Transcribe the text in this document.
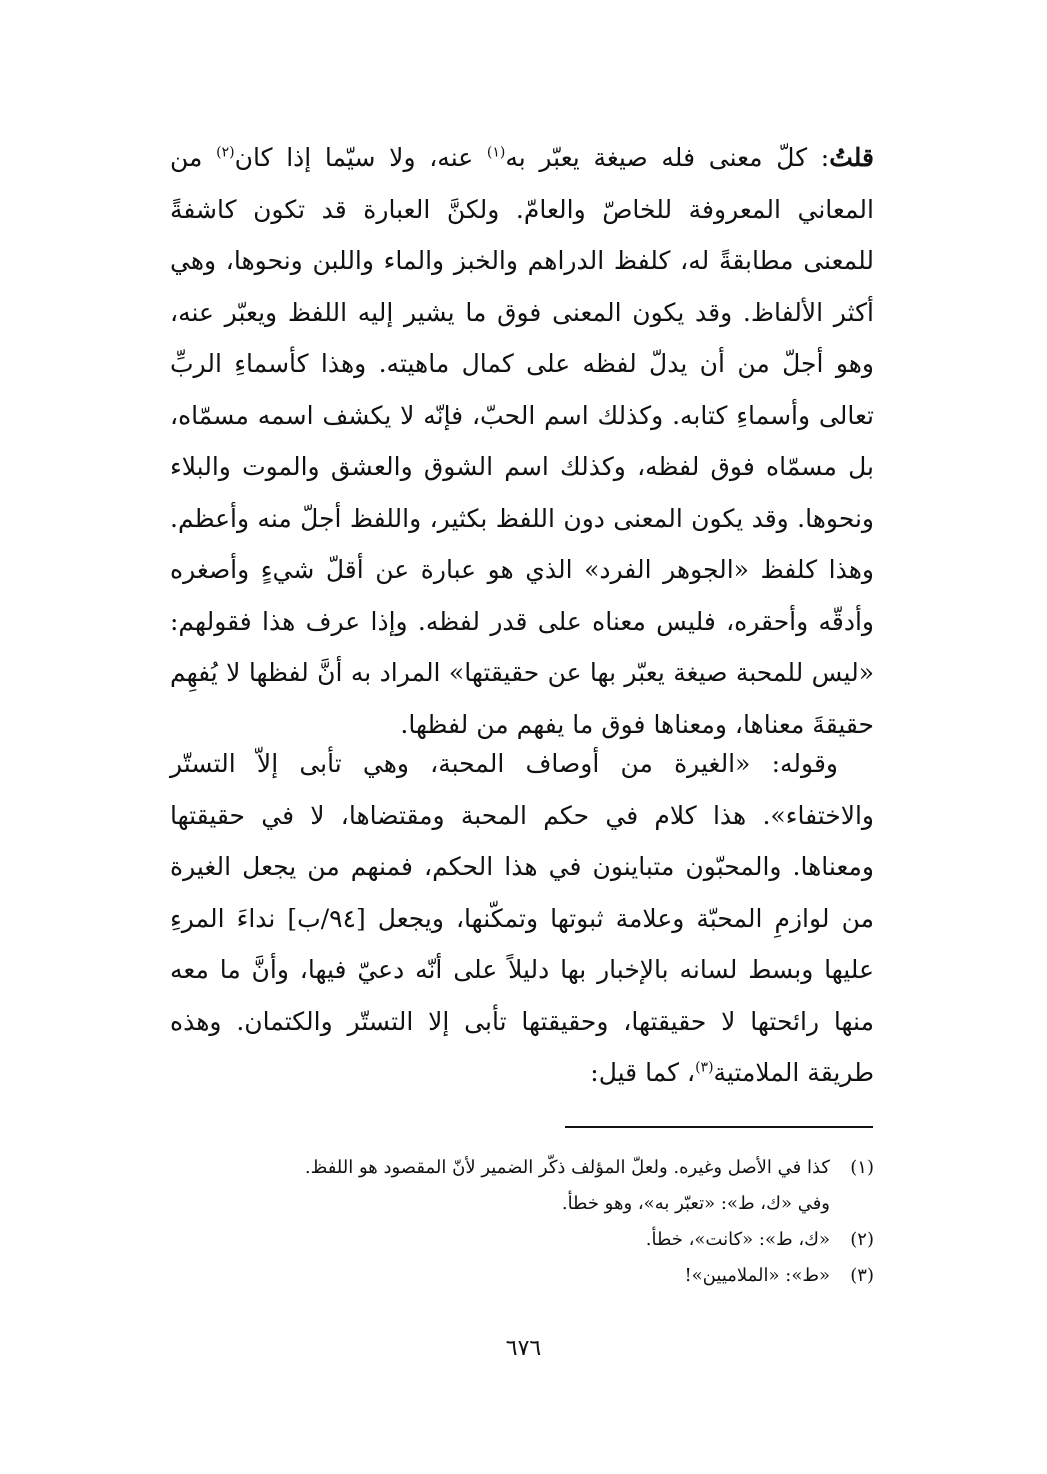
قلتُ: كلّ معنى فله صيغة يعبّر به$^{(١)}$ عنه، ولا سيّما إذا كان$^{(٢)}$ من المعاني المعروفة للخاصّ والعامّ. ولكنَّ العبارة قد تكون كاشفةً للمعنى مطابقةً له، كلفظ الدراهم والخبز والماء واللبن ونحوها، وهي أكثر الألفاظ. وقد يكون المعنى فوق ما يشير إليه اللفظ ويعبّر عنه، وهو أجلّ من أن يدلّ لفظه على كمال ماهيته. وهذا كأسماءِ الربِّ تعالى وأسماءِ كتابه. وكذلك اسم الحبّ، فإنّه لا يكشف اسمه مسمّاه، بل مسمّاه فوق لفظه، وكذلك اسم الشوق والعشق والموت والبلاء ونحوها. وقد يكون المعنى دون اللفظ بكثير، واللفظ أجلّ منه وأعظم. وهذا كلفظ «الجوهر الفرد» الذي هو عبارة عن أقلّ شيءٍ وأصغره وأدقّه وأحقره، فليس معناه على قدر لفظه. وإذا عرف هذا فقولهم: «ليس للمحبة صيغة يعبّر بها عن حقيقتها» المراد به أنَّ لفظها لا يُفهِم حقيقةَ معناها، ومعناها فوق ما يفهم من لفظها.

وقوله: «الغيرة من أوصاف المحبة، وهي تأبى إلاّ التستّر والاختفاء». هذا كلام في حكم المحبة ومقتضاها، لا في حقيقتها ومعناها. والمحبّون متباينون في هذا الحكم، فمنهم من يجعل الغيرة من لوازمِ المحبّة وعلامة ثبوتها وتمكّنها، ويجعل [٩٤/ب] نداءَ المرءِ عليها وبسط لسانه بالإخبار بها دليلاً على أنّه دعيّ فيها، وأنَّ ما معه منها رائحتها لا حقيقتها، وحقيقتها تأبى إلا التستّر والكتمان. وهذه طريقة الملامتية$^{(٣)}$، كما قيل:

(١)
كذا في الأصل وغيره. ولعلّ المؤلف ذكّر الضمير لأنّ المقصود هو اللفظ.
وفي «ك، ط»: «تعبّر به»، وهو خطأ.
(٢)
«ك، ط»: «كانت»، خطأ.
(٣)
«ط»: «الملاميين»!
٦٧٦
